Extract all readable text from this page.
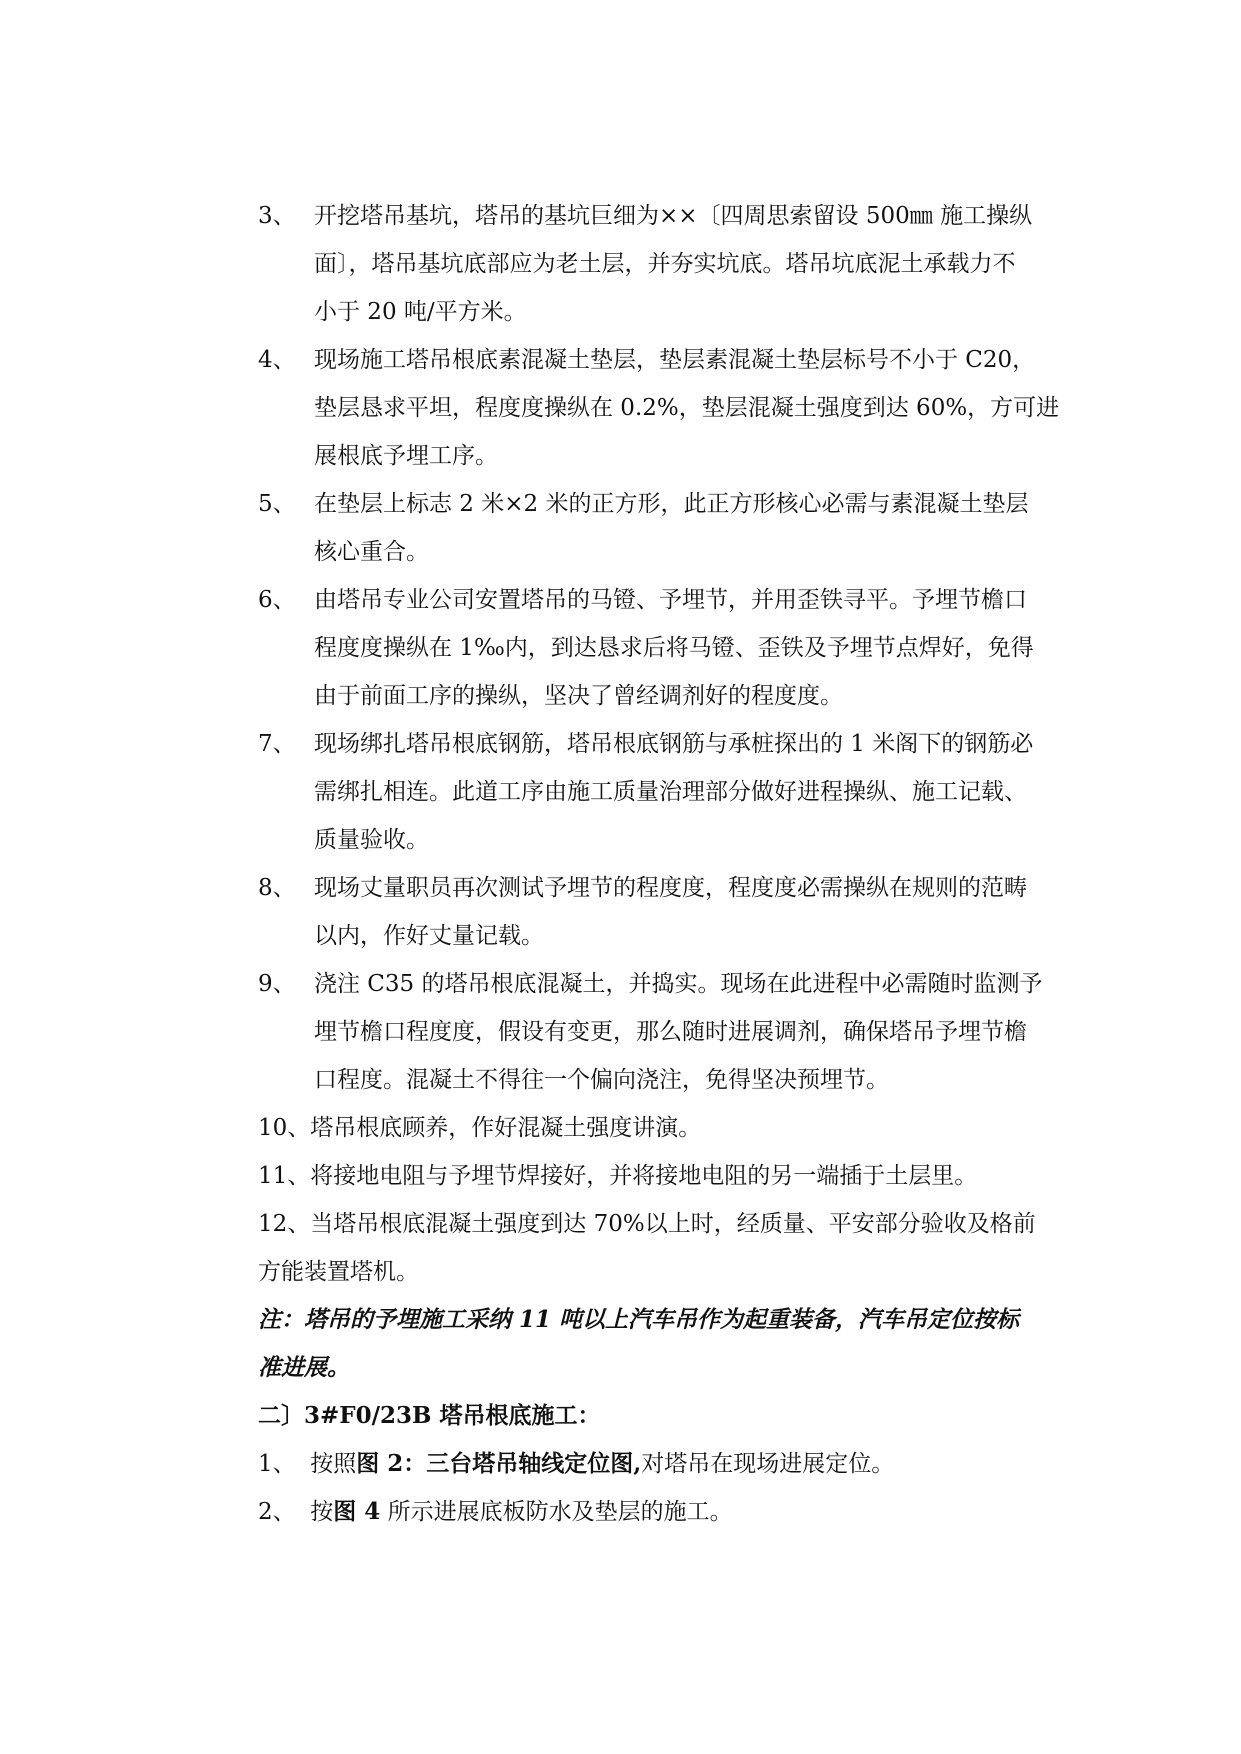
3、 开挖塔吊基坑，塔吊的基坑巨细为××〔四周思索留设 500㎜ 施工操纵
面〕，塔吊基坑底部应为老土层，并夯实坑底。塔吊坑底泥土承载力不
小于 20 吨/平方米。
4、 现场施工塔吊根底素混凝土垫层，垫层素混凝土垫层标号不小于 C20，
垫层恳求平坦，程度度操纵在 0.2%，垫层混凝土强度到达 60%，方可进
展根底予埋工序。
5、 在垫层上标志 2 米×2 米的正方形，此正方形核心必需与素混凝土垫层
核心重合。
6、 由塔吊专业公司安置塔吊的马镫、予埋节，并用歪铁寻平。予埋节檐口
程度度操纵在 1‰内，到达恳求后将马镫、歪铁及予埋节点焊好，免得
由于前面工序的操纵，坚决了曾经调剂好的程度度。
7、 现场绑扎塔吊根底钢筋，塔吊根底钢筋与承桩探出的 1 米阁下的钢筋必
需绑扎相连。此道工序由施工质量治理部分做好进程操纵、施工记载、
质量验收。
8、 现场丈量职员再次测试予埋节的程度度，程度度必需操纵在规则的范畴
以内，作好丈量记载。
9、 浇注 C35 的塔吊根底混凝土，并捣实。现场在此进程中必需随时监测予
埋节檐口程度度，假设有变更，那么随时进展调剂，确保塔吊予埋节檐
口程度。混凝土不得往一个偏向浇注，免得坚决预埋节。
10、塔吊根底顾养，作好混凝土强度讲演。
11、将接地电阻与予埋节焊接好，并将接地电阻的另一端插于土层里。
12、当塔吊根底混凝土强度到达 70%以上时，经质量、平安部分验收及格前
方能装置塔机。
注：塔吊的予埋施工采纳 11 吨以上汽车吊作为起重装备，汽车吊定位按标
准进展。
二〕3#F0/23B 塔吊根底施工：
1、 按照图 2：三台塔吊轴线定位图,对塔吊在现场进展定位。
2、 按图 4 所示进展底板防水及垫层的施工。
